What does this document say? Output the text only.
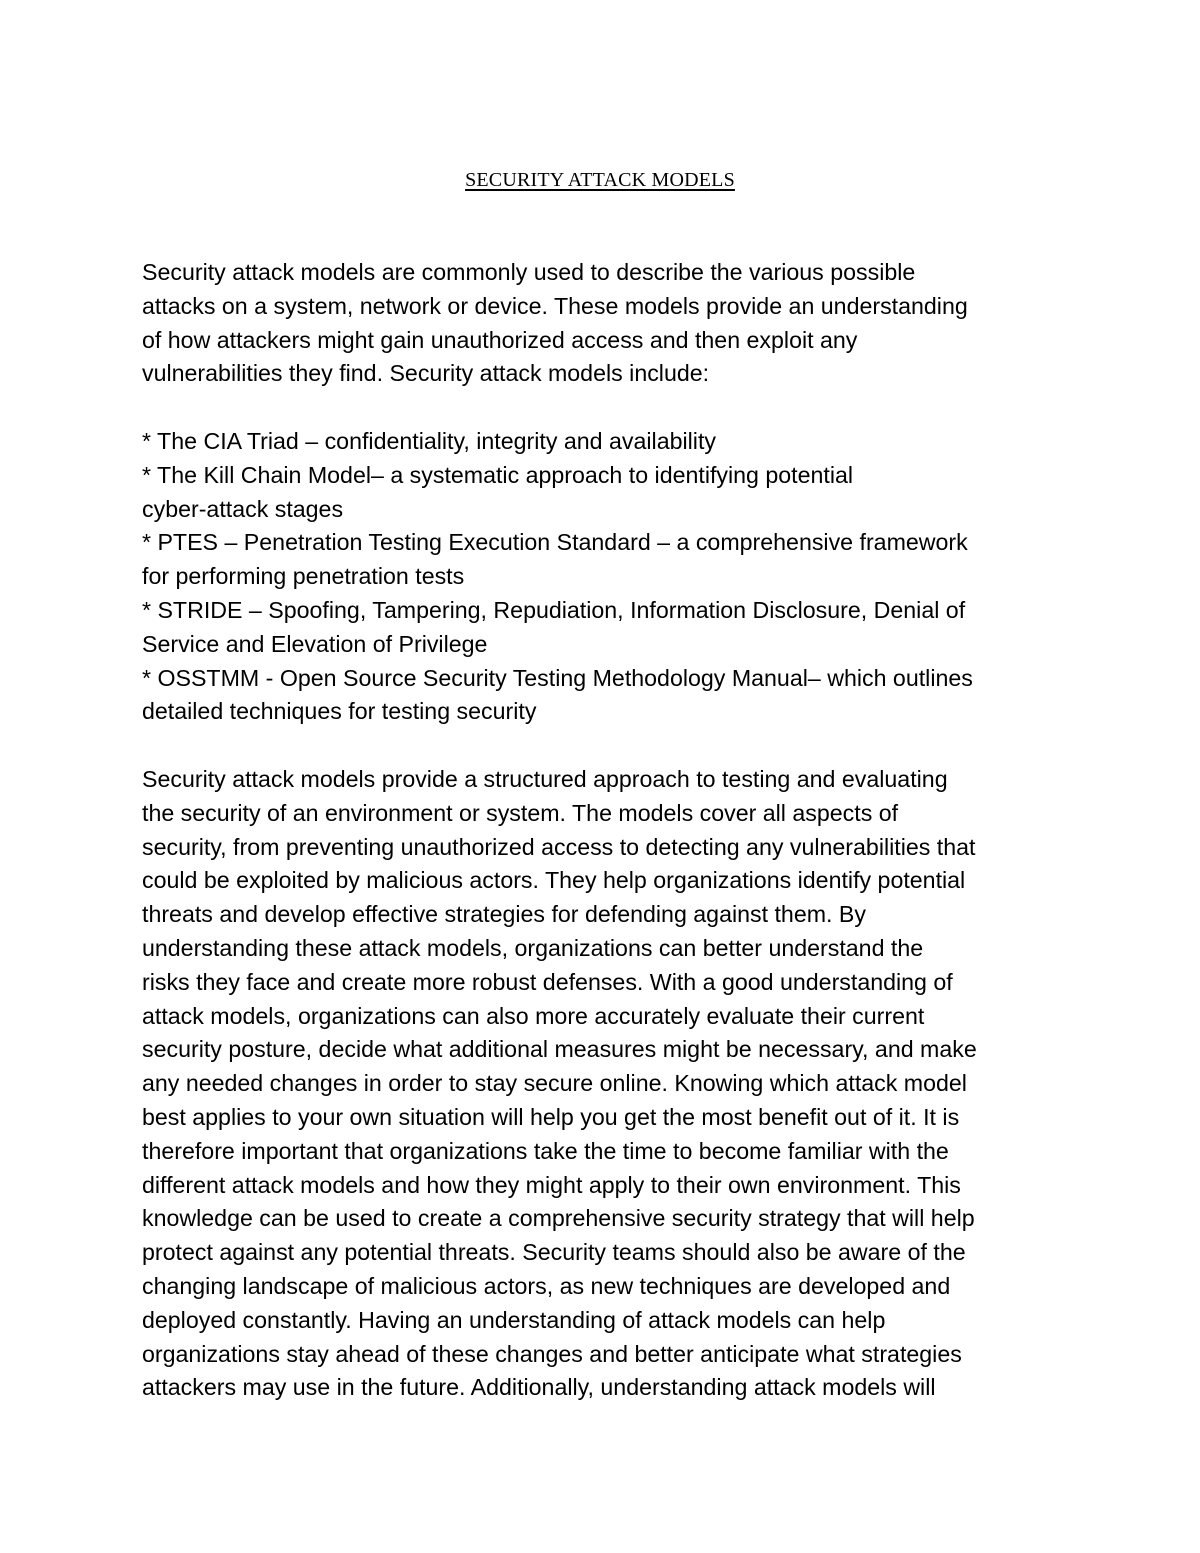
SECURITY ATTACK MODELS
Security attack models are commonly used to describe the various possible
attacks on a system, network or device. These models provide an understanding
of how attackers might gain unauthorized access and then exploit any
vulnerabilities they find. Security attack models include:
* The CIA Triad – confidentiality, integrity and availability
* The Kill Chain Model– a systematic approach to identifying potential
cyber-attack stages
* PTES – Penetration Testing Execution Standard – a comprehensive framework
for performing penetration tests
* STRIDE – Spoofing, Tampering, Repudiation, Information Disclosure, Denial of
Service and Elevation of Privilege
* OSSTMM - Open Source Security Testing Methodology Manual– which outlines
detailed techniques for testing security
Security attack models provide a structured approach to testing and evaluating
the security of an environment or system. The models cover all aspects of
security, from preventing unauthorized access to detecting any vulnerabilities that
could be exploited by malicious actors. They help organizations identify potential
threats and develop effective strategies for defending against them. By
understanding these attack models, organizations can better understand the
risks they face and create more robust defenses. With a good understanding of
attack models, organizations can also more accurately evaluate their current
security posture, decide what additional measures might be necessary, and make
any needed changes in order to stay secure online. Knowing which attack model
best applies to your own situation will help you get the most benefit out of it. It is
therefore important that organizations take the time to become familiar with the
different attack models and how they might apply to their own environment. This
knowledge can be used to create a comprehensive security strategy that will help
protect against any potential threats. Security teams should also be aware of the
changing landscape of malicious actors, as new techniques are developed and
deployed constantly. Having an understanding of attack models can help
organizations stay ahead of these changes and better anticipate what strategies
attackers may use in the future. Additionally, understanding attack models will
